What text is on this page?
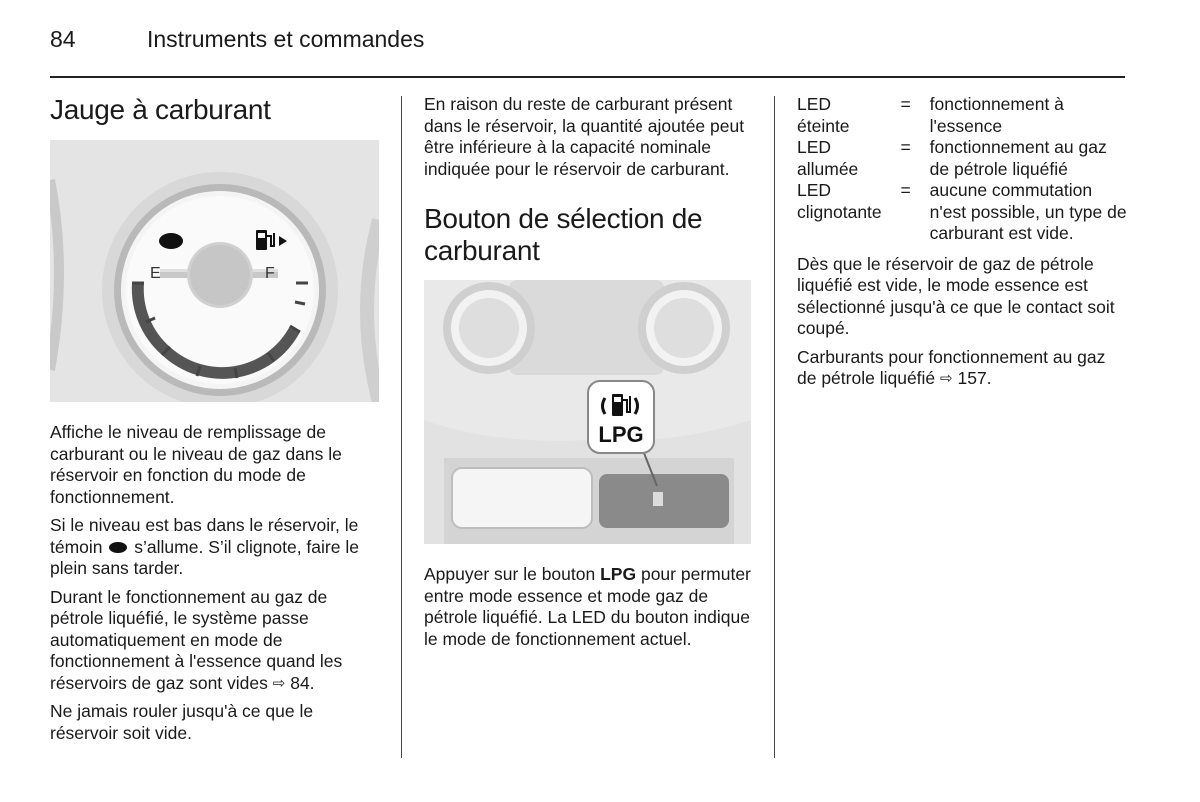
84	Instruments et commandes
Jauge à carburant
E	F

Affiche le niveau de remplissage de carburant ou le niveau de gaz dans le réservoir en fonction du mode de fonctionnement.

Si le niveau est bas dans le réservoir, le témoin s’allume. S’il clignote, faire le plein sans tarder.

Durant le fonctionnement au gaz de pétrole liquéfié, le système passe automatiquement en mode de fonctionnement à l'essence quand les réservoirs de gaz sont vides ⇨ 84.

Ne jamais rouler jusqu'à ce que le réservoir soit vide.

En raison du reste de carburant présent dans le réservoir, la quantité ajoutée peut être inférieure à la capacité nominale indiquée pour le réservoir de carburant.

Bouton de sélection de carburant
LPG

Appuyer sur le bouton LPG pour permuter entre mode essence et mode gaz de pétrole liquéfié. La LED du bouton indique le mode de fonctionnement actuel.

LED éteinte	=	fonctionnement à l'essence
LED allumée	=	fonctionnement au gaz de pétrole liquéfié
LED clignotante	=	aucune commutation n'est possible, un type de carburant est vide.

Dès que le réservoir de gaz de pétrole liquéfié est vide, le mode essence est sélectionné jusqu'à ce que le contact soit coupé.

Carburants pour fonctionnement au gaz de pétrole liquéfié ⇨ 157.
